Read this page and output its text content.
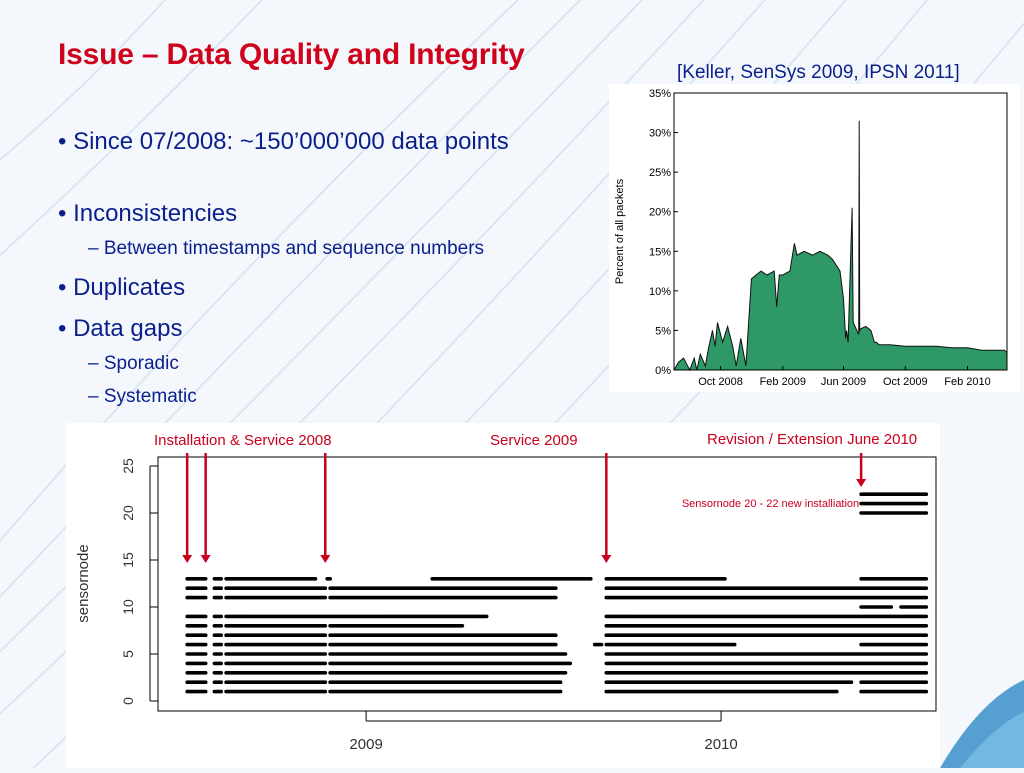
Issue – Data Quality and Integrity
[Keller, SenSys 2009, IPSN 2011]
• Since 07/2008: ~150’000’000 data points
• Inconsistencies
– Between timestamps and sequence numbers
• Duplicates
• Data gaps
– Sporadic
– Systematic
0%
5%
10%
15%
20%
25%
30%
35%
Oct 2008 Feb 2009 Jun 2009 Oct 2009 Feb 2010
Percent of all packets
0
5
10
15
20
25
sensornode
2009	2010
Installation & Service 2008	Service 2009	Revision / Extension June 2010
Sensornode 20 - 22 new installiation
